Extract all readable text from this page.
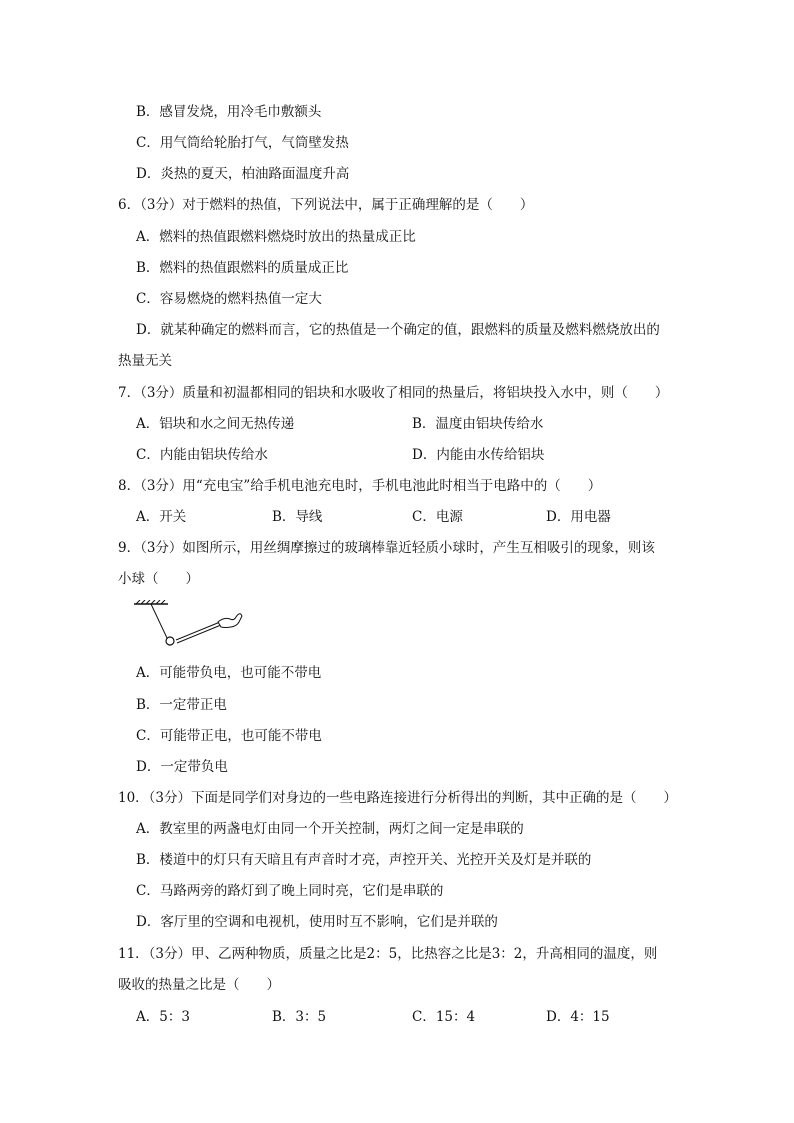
B．感冒发烧，用冷毛巾敷额头
C．用气筒给轮胎打气，气筒壁发热
D．炎热的夏天，柏油路面温度升高
6．（3分）对于燃料的热值，下列说法中，属于正确理解的是（　　）
A．燃料的热值跟燃料燃烧时放出的热量成正比
B．燃料的热值跟燃料的质量成正比
C．容易燃烧的燃料热值一定大
D．就某种确定的燃料而言，它的热值是一个确定的值，跟燃料的质量及燃料燃烧放出的
热量无关
7．（3分）质量和初温都相同的铝块和水吸收了相同的热量后，将铝块投入水中，则（　　）
A．铝块和水之间无热传递	B．温度由铝块传给水
C．内能由铝块传给水	D．内能由水传给铝块
8．（3分）用“充电宝”给手机电池充电时，手机电池此时相当于电路中的（　　）
A．开关	B．导线	C．电源	D．用电器
9．（3分）如图所示，用丝绸摩擦过的玻璃棒靠近轻质小球时，产生互相吸引的现象，则该
小球（　　）
A．可能带负电，也可能不带电
B．一定带正电
C．可能带正电，也可能不带电
D．一定带负电
10．（3分）下面是同学们对身边的一些电路连接进行分析得出的判断，其中正确的是（　　）
A．教室里的两盏电灯由同一个开关控制，两灯之间一定是串联的
B．楼道中的灯只有天暗且有声音时才亮，声控开关、光控开关及灯是并联的
C．马路两旁的路灯到了晚上同时亮，它们是串联的
D．客厅里的空调和电视机，使用时互不影响，它们是并联的
11．（3分）甲、乙两种物质，质量之比是2：5，比热容之比是3：2，升高相同的温度，则
吸收的热量之比是（　　）
A．5：3	B．3：5	C．15：4	D．4：15
